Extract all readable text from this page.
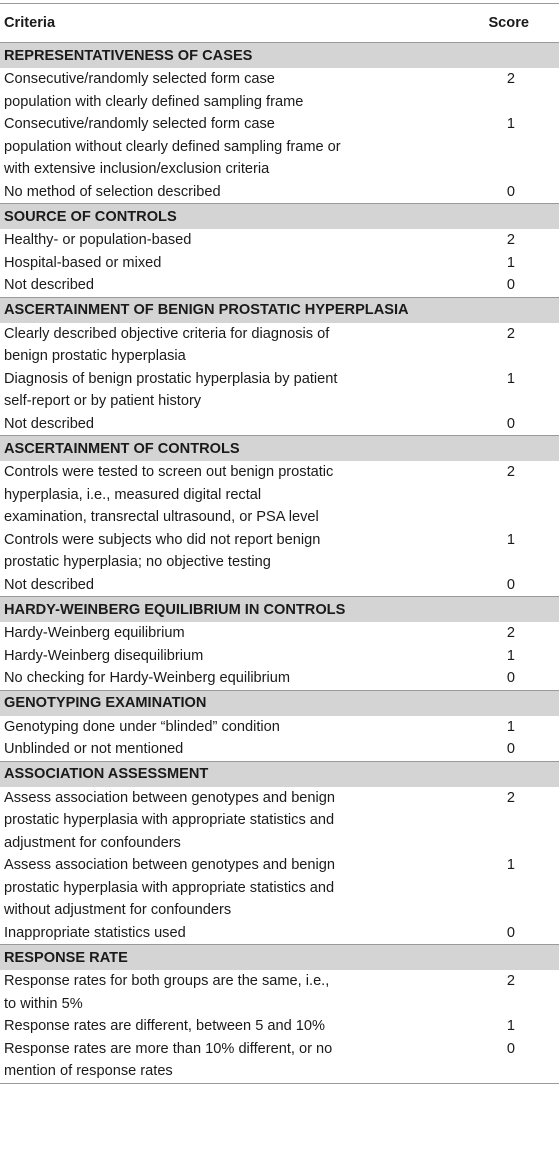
Criteria	Score
REPRESENTATIVENESS OF CASES
Consecutive/randomly selected form case
population with clearly defined sampling frame
2
Consecutive/randomly selected form case
population without clearly defined sampling frame or
with extensive inclusion/exclusion criteria
1
No method of selection described	0
SOURCE OF CONTROLS
Healthy- or population-based	2
Hospital-based or mixed	1
Not described	0
ASCERTAINMENT OF BENIGN PROSTATIC HYPERPLASIA
Clearly described objective criteria for diagnosis of
benign prostatic hyperplasia
2
Diagnosis of benign prostatic hyperplasia by patient
self-report or by patient history
1
Not described	0
ASCERTAINMENT OF CONTROLS
Controls were tested to screen out benign prostatic
hyperplasia, i.e., measured digital rectal
examination, transrectal ultrasound, or PSA level
2
Controls were subjects who did not report benign
prostatic hyperplasia; no objective testing
1
Not described	0
HARDY-WEINBERG EQUILIBRIUM IN CONTROLS
Hardy-Weinberg equilibrium	2
Hardy-Weinberg disequilibrium	1
No checking for Hardy-Weinberg equilibrium	0
GENOTYPING EXAMINATION
Genotyping done under “blinded” condition	1
Unblinded or not mentioned	0
ASSOCIATION ASSESSMENT
Assess association between genotypes and benign
prostatic hyperplasia with appropriate statistics and
adjustment for confounders
2
Assess association between genotypes and benign
prostatic hyperplasia with appropriate statistics and
without adjustment for confounders
1
Inappropriate statistics used	0
RESPONSE RATE
Response rates for both groups are the same, i.e.,
to within 5%
2
Response rates are different, between 5 and 10%	1
Response rates are more than 10% different, or no
mention of response rates
0
